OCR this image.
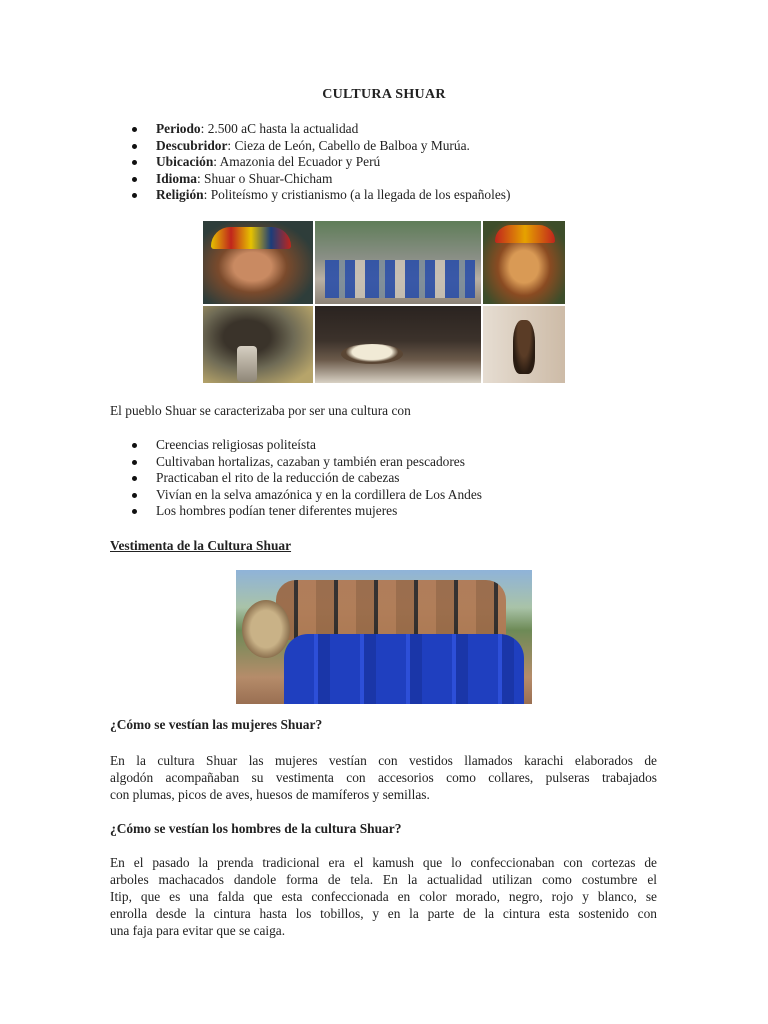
CULTURA SHUAR
Periodo: 2.500 aC hasta la actualidad
Descubridor: Cieza de León, Cabello de Balboa y Murúa.
Ubicación: Amazonia del Ecuador y Perú
Idioma: Shuar o Shuar-Chicham
Religión: Politeísmo y cristianismo (a la llegada de los españoles)
El pueblo Shuar se caracterizaba por ser una cultura con
Creencias religiosas politeísta
Cultivaban hortalizas, cazaban y también eran pescadores
Practicaban el rito de la reducción de cabezas
Vivían en la selva amazónica y en la cordillera de Los Andes
Los hombres podían tener diferentes mujeres
Vestimenta de la Cultura Shuar
¿Cómo se vestían las mujeres Shuar?
En la cultura Shuar las mujeres vestían con vestidos llamados karachi elaborados de
algodón acompañaban su vestimenta con accesorios como collares, pulseras trabajados
con plumas, picos de aves, huesos de mamíferos y semillas.
¿Cómo se vestían los hombres de la cultura Shuar?
En el pasado la prenda tradicional era el kamush que lo confeccionaban con cortezas de
arboles machacados dandole forma de tela. En la actualidad utilizan como costumbre el
Itip, que es una falda que esta confeccionada en color morado, negro, rojo y blanco, se
enrolla desde la cintura hasta los tobillos, y en la parte de la cintura esta sostenido con
una faja para evitar que se caiga.
